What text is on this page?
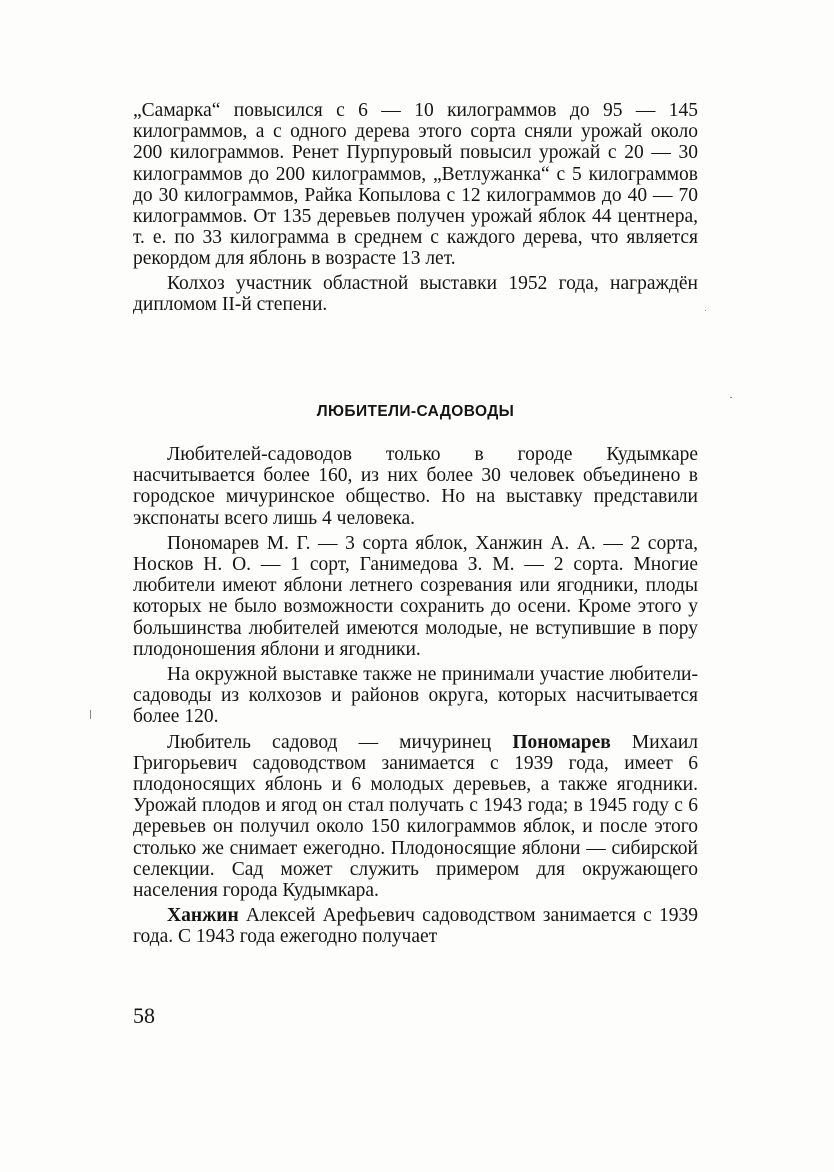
„Самарка“ повысился с 6 — 10 килограммов до 95 — 145 килограммов, а с одного дерева этого сорта сняли урожай около 200 килограммов. Ренет Пурпуровый повысил урожай с 20 — 30 килограммов до 200 килограммов, „Ветлужанка“ с 5 килограммов до 30 килограммов, Райка Копылова с 12 килограммов до 40 — 70 килограммов. От 135 деревьев получен урожай яблок 44 центнера, т. е. по 33 килограмма в среднем с каждого дерева, что является рекордом для яблонь в возрасте 13 лет.

Колхоз участник областной выставки 1952 года, награждён дипломом II-й степени.

ЛЮБИТЕЛИ-САДОВОДЫ

Любителей-садоводов только в городе Кудымкаре насчитывается более 160, из них более 30 человек объединено в городское мичуринское общество. Но на выставку представили экспонаты всего лишь 4 человека.

Пономарев М. Г. — 3 сорта яблок, Ханжин А. А. — 2 сорта, Носков Н. О. — 1 сорт, Ганимедова З. М. — 2 сорта. Многие любители имеют яблони летнего созревания или ягодники, плоды которых не было возможности сохранить до осени. Кроме этого у большинства любителей имеются молодые, не вступившие в пору плодоношения яблони и ягодники.

На окружной выставке также не принимали участие любители-садоводы из колхозов и районов округа, которых насчитывается более 120.

Любитель садовод — мичуринец Пономарев Михаил Григорьевич садоводством занимается с 1939 года, имеет 6 плодоносящих яблонь и 6 молодых деревьев, а также ягодники. Урожай плодов и ягод он стал получать с 1943 года; в 1945 году с 6 деревьев он получил около 150 килограммов яблок, и после этого столько же снимает ежегодно. Плодоносящие яблони — сибирской селекции. Сад может служить примером для окружающего населения города Кудымкара.

Ханжин Алексей Арефьевич садоводством занимается с 1939 года. С 1943 года ежегодно получает

58
